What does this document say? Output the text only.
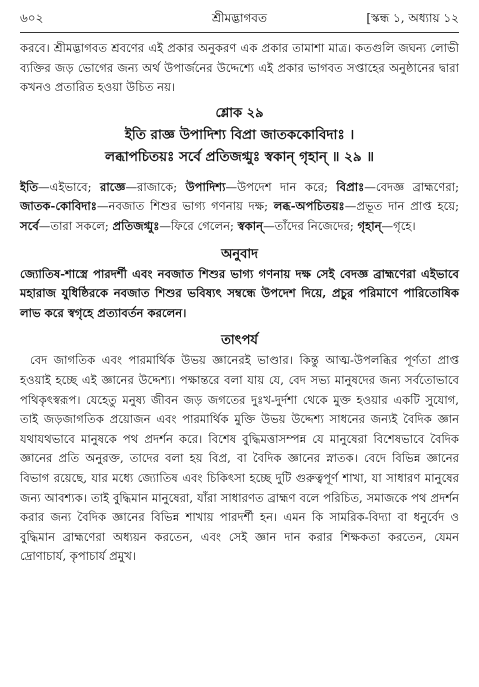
৬০২	শ্রীমদ্ভাগবত	[স্কন্ধ ১, অধ্যায় ১২

করবে। শ্রীমদ্ভাগবত শ্রবণের এই প্রকার অনুকরণ এক প্রকার তামাশা মাত্র। কতগুলি জঘন্য লোভী ব্যক্তির জড় ভোগের জন্য অর্থ উপার্জনের উদ্দেশ্যে এই প্রকার ভাগবত সপ্তাহের অনুষ্ঠানের দ্বারা কখনও প্রতারিত হওয়া উচিত নয়।

শ্লোক ২৯
ইতি রাজ্ঞ উপাদিশ্য বিপ্রা জাতককোবিদাঃ ।
লব্ধাপচিতয়ঃ সর্বে প্রতিজগ্মুঃ স্বকান্ গৃহান্ ॥ ২৯ ॥

ইতি—এইভাবে; রাজ্ঞে—রাজাকে; উপাদিশ্য—উপদেশ দান করে; বিপ্রাঃ—বেদজ্ঞ ব্রাহ্মণেরা; জাতক-কোবিদাঃ—নবজাত শিশুর ভাগ্য গণনায় দক্ষ; লব্ধ-অপচিতয়ঃ—প্রভূত দান প্রাপ্ত হয়ে; সর্বে—তারা সকলে; প্রতিজগ্মুঃ—ফিরে গেলেন; স্বকান্—তাঁদের নিজেদের; গৃহান্—গৃহে।

অনুবাদ

জ্যোতিষ-শাস্ত্রে পারদর্শী এবং নবজাত শিশুর ভাগ্য গণনায় দক্ষ সেই বেদজ্ঞ ব্রাহ্মণেরা এইভাবে মহারাজ যুধিষ্ঠিরকে নবজাত শিশুর ভবিষ্যৎ সম্বন্ধে উপদেশ দিয়ে, প্রচুর পরিমাণে পারিতোষিক লাভ করে স্বগৃহে প্রত্যাবর্তন করলেন।

তাৎপর্য

বেদ জাগতিক এবং পারমার্থিক উভয় জ্ঞানেরই ভাণ্ডার। কিন্তু আত্ম-উপলব্ধির পূর্ণতা প্রাপ্ত হওয়াই হচ্ছে এই জ্ঞানের উদ্দেশ্য। পক্ষান্তরে বলা যায় যে, বেদ সভ্য মানুষদের জন্য সর্বতোভাবে পথিকৃৎস্বরূপ। যেহেতু মনুষ্য জীবন জড় জগতের দুঃখ-দুর্দশা থেকে মুক্ত হওয়ার একটি সুযোগ, তাই জড়জাগতিক প্রয়োজন এবং পারমার্থিক মুক্তি উভয় উদ্দেশ্য সাধনের জন্যই বৈদিক জ্ঞান যথাযথভাবে মানুষকে পথ প্রদর্শন করে। বিশেষ বুদ্ধিমত্তাসম্পন্ন যে মানুষেরা বিশেষভাবে বৈদিক জ্ঞানের প্রতি অনুরক্ত, তাদের বলা হয় বিপ্র, বা বৈদিক জ্ঞানের স্নাতক। বেদে বিভিন্ন জ্ঞানের বিভাগ রয়েছে, যার মধ্যে জ্যোতিষ এবং চিকিৎসা হচ্ছে দুটি গুরুত্বপূর্ণ শাখা, যা সাধারণ মানুষের জন্য আবশ্যক। তাই বুদ্ধিমান মানুষেরা, যাঁরা সাধারণত ব্রাহ্মণ বলে পরিচিত, সমাজকে পথ প্রদর্শন করার জন্য বৈদিক জ্ঞানের বিভিন্ন শাখায় পারদর্শী হন। এমন কি সামরিক-বিদ্যা বা ধনুর্বেদ ও বুদ্ধিমান ব্রাহ্মণেরা অধ্যয়ন করতেন, এবং সেই জ্ঞান দান করার শিক্ষকতা করতেন, যেমন দ্রোণাচার্য, কৃপাচার্য প্রমুখ।
